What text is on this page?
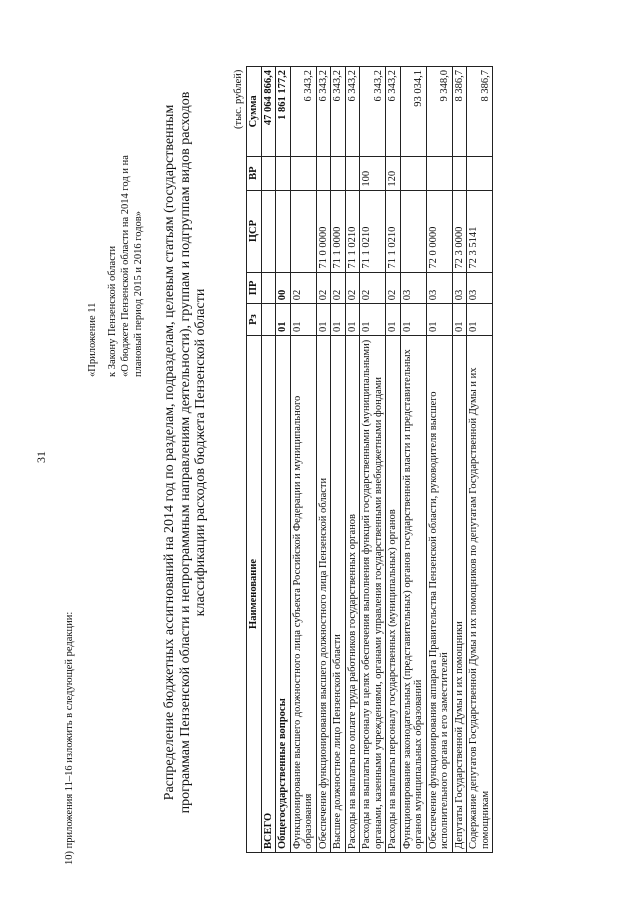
31
10) приложения 11–16 изложить в следующей редакции:
«Приложение 11 к Закону Пензенской области «О бюджете Пензенской области на 2014 год и на плановый период 2015 и 2016 годов» Распределение бюджетных ассигнований на 2014 год по разделам, подразделам, целевым статьям (государственным программам Пензенской области и непрограммным направлениям деятельности), группам и подгруппам видов расходов классификации расходов бюджета Пензенской области
(тыс. рублей)
Наименование	Рз	ПР	ЦСР	ВР	Сумма
ВСЕГО					47 064 866,4
Общегосударственные вопросы	01	00			1 861 177,2
Функционирование высшего должностного лица субъекта Российской Федерации и муниципального образования	01	02			6 343,2
Обеспечение функционирования высшего должностного лица Пензенской области	01	02	71 0 0000		6 343,2
Высшее должностное лицо Пензенской области	01	02	71 1 0000		6 343,2
Расходы на выплаты по оплате труда работников государственных органов	01	02	71 1 0210		6 343,2
Расходы на выплаты персоналу в целях обеспечения выполнения функций государственными (муниципальными) органами, казенными учреждениями, органами управления государственными внебюджетными фондами	01	02	71 1 0210	100	6 343,2
Расходы на выплаты персоналу государственных (муниципальных) органов	01	02	71 1 0210	120	6 343,2
Функционирование законодательных (представительных) органов государственной власти и представительных органов муниципальных образований	01	03			93 034,1
Обеспечение функционирования аппарата Правительства Пензенской области, руководителя высшего исполнительного органа и его заместителей	01	03	72 0 0000		9 348,0
Депутаты Государственной Думы и их помощники	01	03	72 3 0000		8 386,7
Содержание депутатов Государственной Думы и их помощников по депутатам Государственной Думы и их помощникам	01	03	72 3 5141		8 386,7
